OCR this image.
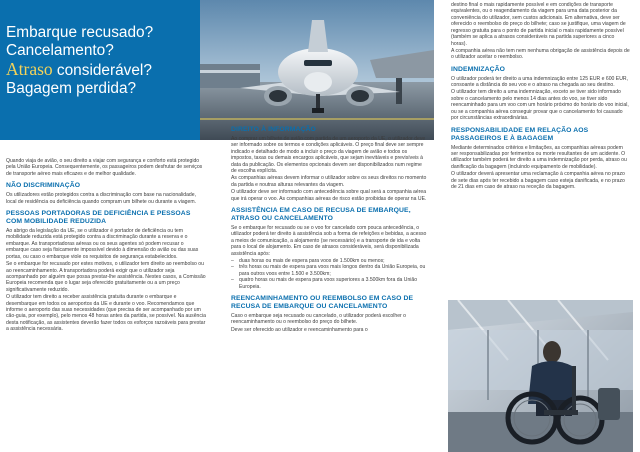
Embarque recusado?
Cancelamento?
Atraso considerável?
Bagagem perdida?

Quando viaja de avião, o seu direito a viajar com segurança e conforto está protegido pela União Europeia. Consequentemente, os passageiros podem desfrutar de serviços de transporte aéreo mais eficazes e de melhor qualidade.

NÃO DISCRIMINAÇÃO

Os utilizadores estão protegidos contra a discriminação com base na nacionalidade, local de residência ou deficiência quando compram um bilhete ou durante a viagem.

PESSOAS PORTADORAS DE DEFICIÊNCIA E PESSOAS COM MOBILIDADE REDUZIDA

Ao abrigo da legislação da UE, se o utilizador é portador de deficiência ou tem mobilidade reduzida está protegido contra a discriminação durante a reserva e o embarque. As transportadoras aéreas ou os seus agentes só podem recusar o embarque caso seja fisicamente impossível devido à dimensão do avião ou das suas portas, ou caso o embarque viole os requisitos de segurança estabelecidos.

Se o embarque for recusado por estes motivos, o utilizador tem direito ao reembolso ou ao reencaminhamento. A transportadora poderá exigir que o utilizador seja acompanhado por alguém que possa prestar-lhe assistência. Nestes casos, a Comissão Europeia recomenda que o lugar seja oferecido gratuitamente ou a um preço significativamente reduzido.

O utilizador tem direito a receber assistência gratuita durante o embarque e desembarque em todos os aeroportos da UE e durante o voo. Recomendamos que informe o aeroporto das suas necessidades (que precisa de ser acompanhado por um cão-guia, por exemplo), pelo menos 48 horas antes da partida, se possível. Na ausência desta notificação, as assistentes deverão fazer todos os esforços razoáveis para prestar a assistência necessária.

DIREITO À INFORMAÇÃO

Ao comprar um bilhete de avião com partida de um aeroporto da UE, o utilizador deve ser informado sobre os termos e condições aplicáveis. O preço final deve ser sempre indicado e detalhado de modo a incluir o preço da viagem de avião e todos os impostos, taxas ou demais encargos aplicáveis, que sejam inevitáveis e previsíveis à data da publicação. Os elementos opcionais devem ser disponibilizados num regime de escolha explícita.

As companhias aéreas devem informar o utilizador sobre os seus direitos no momento da partida e noutras alturas relevantes da viagem.

O utilizador deve ser informado com antecedência sobre qual será a companhia aérea que irá operar o voo. As companhias aéreas de risco estão proibidas de operar na UE.

ASSISTÊNCIA EM CASO DE RECUSA DE EMBARQUE, ATRASO OU CANCELAMENTO

Se o embarque for recusado ou se o voo for cancelado com pouca antecedência, o utilizador poderá ter direito à assistência sob a forma de refeições e bebidas, a acesso a meios de comunicação, a alojamento (se necessário) e a transporte de ida e volta para o local de alojamento. Em caso de atrasos consideráveis, será disponibilizada assistência após:

– duas horas ou mais de espera para voos de 1.500km ou menos;
– três horas ou mais de espera para voos mais longos dentro da União Europeia, ou para outros voos entre 1.500 e 3.500km;
– quatro horas ou mais de espera para voos superiores a 3.500km fora da União Europeia.
REENCAMINHAMENTO OU REEMBOLSO EM CASO DE RECUSA DE EMBARQUE OU CANCELAMENTO

Caso o embarque seja recusado ou cancelado, o utilizador poderá escolher o reencaminhamento ou o reembolso do preço do bilhete.

Deve ser oferecido ao utilizador e reencaminhamento para o

destino final o mais rapidamente possível e em condições de transporte equivalentes, ou o reagendamento da viagem para uma data posterior da conveniência do utilizador, sem custos adicionais. Em alternativa, deve ser oferecido o reembolso do preço do bilhete; caso se justifique, uma viagem de regresso gratuita para o ponto de partida inicial o mais rapidamente possível (também se aplica a atrasos consideráveis na partida superiores a cinco horas).

A companhia aérea não tem nem nenhuma obrigação de assistência depois de o utilizador aceitar o reembolso.

INDEMNIZAÇÃO

O utilizador poderá ter direito a uma indemnização entre 125 EUR e 600 EUR, consoante a distância do seu voo e o atraso na chegada ao seu destino.

O utilizador tem direito a uma indemnização, exceto se tiver sido informado sobre o cancelamento pelo menos 14 dias antes do voo, se tiver sido reencaminhado para um voo com um horário próximo do horário do voo inicial, ou se a companhia aérea conseguir provar que o cancelamento foi causado por circunstâncias extraordinárias.

RESPONSABILIDADE EM RELAÇÃO AOS PASSAGEIROS E À BAGAGEM

Mediante determinados critérios e limitações, as companhias aéreas podem ser responsabilizadas por ferimentos ou morte resultantes de um acidente. O utilizador também poderá ter direito a uma indemnização por perda, atraso ou danificação da bagagem (incluindo equipamento de mobilidade).

O utilizador deverá apresentar uma reclamação à companhia aérea no prazo de sete dias após ter recebido a bagagem caso esteja danificada, e no prazo de 21 dias em caso de atraso na receção da bagagem.
